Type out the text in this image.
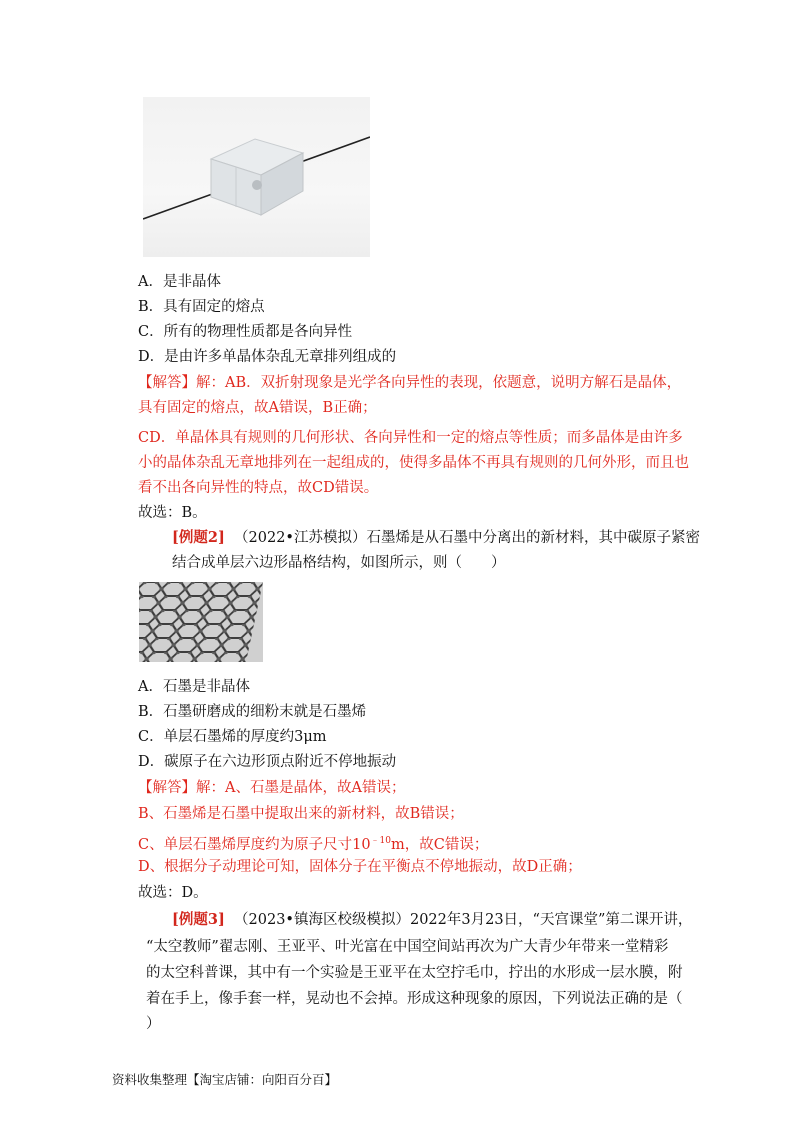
A．是非晶体
B．具有固定的熔点
C．所有的物理性质都是各向异性
D．是由许多单晶体杂乱无章排列组成的
【解答】解：AB．双折射现象是光学各向异性的表现，依题意，说明方解石是晶体，
具有固定的熔点，故A错误，B正确；
CD．单晶体具有规则的几何形状、各向异性和一定的熔点等性质；而多晶体是由许多
小的晶体杂乱无章地排列在一起组成的，使得多晶体不再具有规则的几何外形，而且也
看不出各向异性的特点，故CD错误。
故选：B。
[例题2] （2022•江苏模拟）石墨烯是从石墨中分离出的新材料，其中碳原子紧密
结合成单层六边形晶格结构，如图所示，则（　　）
A．石墨是非晶体
B．石墨研磨成的细粉末就是石墨烯
C．单层石墨烯的厚度约3μm
D．碳原子在六边形顶点附近不停地振动
【解答】解：A、石墨是晶体，故A错误；
B、石墨烯是石墨中提取出来的新材料，故B错误；
C、单层石墨烯厚度约为原子尺寸$10^{﹣10}m$，故C错误；
D、根据分子动理论可知，固体分子在平衡点不停地振动，故D正确；
故选：D。
[例题3] （2023•镇海区校级模拟）2022年3月23日，“天宫课堂”第二课开讲，
“太空教师”翟志刚、王亚平、叶光富在中国空间站再次为广大青少年带来一堂精彩
的太空科普课，其中有一个实验是王亚平在太空拧毛巾，拧出的水形成一层水膜，附
着在手上，像手套一样，晃动也不会掉。形成这种现象的原因，下列说法正确的是（
）
资料收集整理【淘宝店铺：向阳百分百】
